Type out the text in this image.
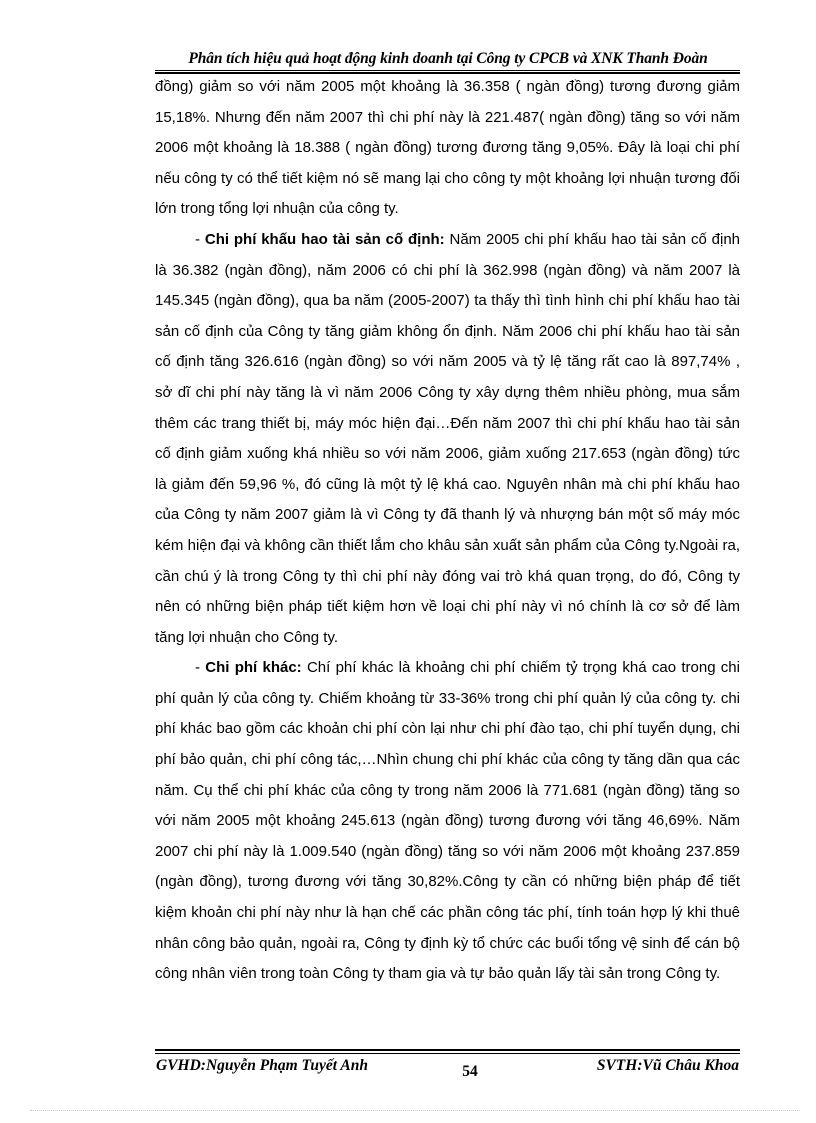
Phân tích hiệu quả hoạt động kinh doanh tại Công ty CPCB và XNK Thanh Đoàn

đồng) giảm so với năm 2005 một khoảng là 36.358 ( ngàn đồng) tương đương giảm 15,18%. Nhưng đến năm 2007 thì chi phí này là 221.487( ngàn đồng) tăng so với năm 2006 một khoảng là 18.388 ( ngàn đồng) tương đương tăng 9,05%. Đây là loại chi phí nếu công ty có thể tiết kiệm nó sẽ mang lại cho công ty một khoảng lợi nhuận tương đối lớn trong tổng lợi nhuận của công ty.

- Chi phí khấu hao tài sản cố định: Năm 2005 chi phí khấu hao tài sản cố định là 36.382 (ngàn đồng), năm 2006 có chi phí là 362.998 (ngàn đồng) và năm 2007 là 145.345 (ngàn đồng), qua ba năm (2005-2007) ta thấy thì tình hình chi phí khấu hao tài sản cố định của Công ty tăng giảm không ổn định. Năm 2006 chi phí khấu hao tài sản cố định tăng 326.616 (ngàn đồng) so với năm 2005 và tỷ lệ tăng rất cao là 897,74% , sở dĩ chi phí này tăng là vì năm 2006 Công ty xây dựng thêm nhiều phòng, mua sắm thêm các trang thiết bị, máy móc hiện đại…Đến năm 2007 thì chi phí khấu hao tài sản cố định giảm xuống khá nhiều so với năm 2006, giảm xuống 217.653 (ngàn đồng) tức là giảm đến 59,96 %, đó cũng là một tỷ lệ khá cao. Nguyên nhân mà chi phí khấu hao của Công ty năm 2007 giảm là vì Công ty đã thanh lý và nhượng bán một số máy móc kém hiện đại và không cần thiết lắm cho khâu sản xuất sản phẩm của Công ty.Ngoài ra, cần chú ý là trong Công ty thì chi phí này đóng vai trò khá quan trọng, do đó, Công ty nên có những biện pháp tiết kiệm hơn về loại chi phí này vì nó chính là cơ sở để làm tăng lợi nhuận cho Công ty.

- Chi phí khác: Chí phí khác là khoảng chi phí chiếm tỷ trọng khá cao trong chi phí quản lý của công ty. Chiếm khoảng từ 33-36% trong chi phí quản lý của công ty. chi phí khác bao gồm các khoản chi phí còn lại như chi phí đào tạo, chi phí tuyển dụng, chi phí bảo quản, chi phí công tác,…Nhìn chung chi phí khác của công ty tăng dần qua các năm. Cụ thể chi phí khác của công ty trong năm 2006 là 771.681 (ngàn đồng) tăng so với năm 2005 một khoảng 245.613 (ngàn đồng) tương đương với tăng 46,69%. Năm 2007 chi phí này là 1.009.540 (ngàn đồng) tăng so với năm 2006 một khoảng 237.859 (ngàn đồng), tương đương với tăng 30,82%.Công ty cần có những biện pháp để tiết kiệm khoản chi phí này như là hạn chế các phần công tác phí, tính toán hợp lý khi thuê nhân công bảo quản, ngoài ra, Công ty định kỳ tổ chức các buổi tổng vệ sinh để cán bộ công nhân viên trong toàn Công ty tham gia và tự bảo quản lấy tài sản trong Công ty.

GVHD:Nguyễn Phạm Tuyết Anh	54	SVTH:Vũ Châu Khoa
